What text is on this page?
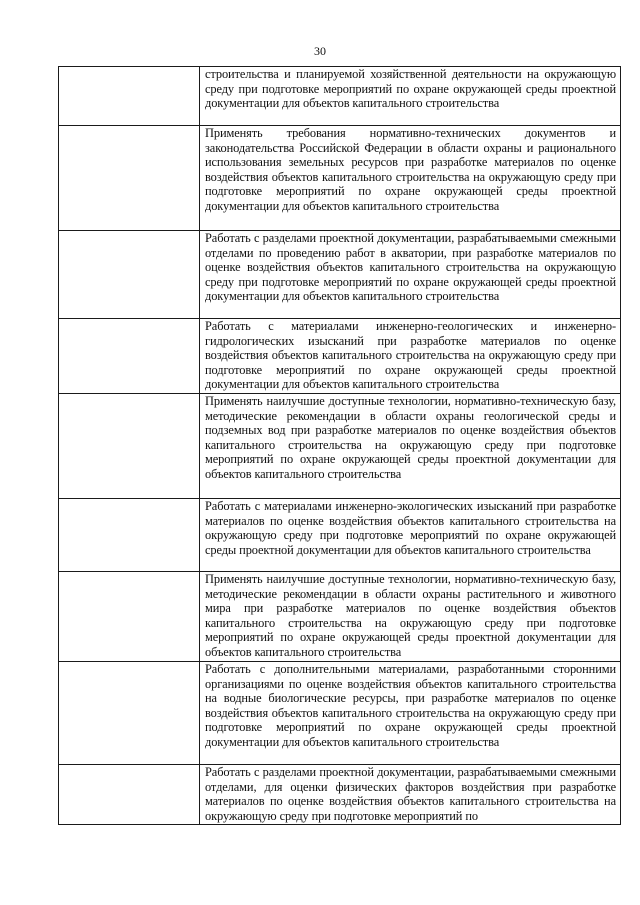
30

	строительства и планируемой хозяйственной деятельности на окружающую среду при подготовке мероприятий по охране окружающей среды проектной документации для объектов капитального строительства

	Применять требования нормативно-технических документов и законодательства Российской Федерации в области охраны и рационального использования земельных ресурсов при разработке материалов по оценке воздействия объектов капитального строительства на окружающую среду при подготовке мероприятий по охране окружающей среды проектной документации для объектов капитального строительства

	Работать с разделами проектной документации, разрабатываемыми смежными отделами по проведению работ в акватории, при разработке материалов по оценке воздействия объектов капитального строительства на окружающую среду при подготовке мероприятий по охране окружающей среды проектной документации для объектов капитального строительства

	Работать с материалами инженерно-геологических и инженерно-гидрологических изысканий при разработке материалов по оценке воздействия объектов капитального строительства на окружающую среду при подготовке мероприятий по охране окружающей среды проектной документации для объектов капитального строительства

	Применять наилучшие доступные технологии, нормативно-техническую базу, методические рекомендации в области охраны геологической среды и подземных вод при разработке материалов по оценке воздействия объектов капитального строительства на окружающую среду при подготовке мероприятий по охране окружающей среды проектной документации для объектов капитального строительства

	Работать с материалами инженерно-экологических изысканий при разработке материалов по оценке воздействия объектов капитального строительства на окружающую среду при подготовке мероприятий по охране окружающей среды проектной документации для объектов капитального строительства

	Применять наилучшие доступные технологии, нормативно-техническую базу, методические рекомендации в области охраны растительного и животного мира при разработке материалов по оценке воздействия объектов капитального строительства на окружающую среду при подготовке мероприятий по охране окружающей среды проектной документации для объектов капитального строительства

	Работать с дополнительными материалами, разработанными сторонними организациями по оценке воздействия объектов капитального строительства на водные биологические ресурсы, при разработке материалов по оценке воздействия объектов капитального строительства на окружающую среду при подготовке мероприятий по охране окружающей среды проектной документации для объектов капитального строительства

	Работать с разделами проектной документации, разрабатываемыми смежными отделами, для оценки физических факторов воздействия при разработке материалов по оценке воздействия объектов капитального строительства на окружающую среду при подготовке мероприятий по
